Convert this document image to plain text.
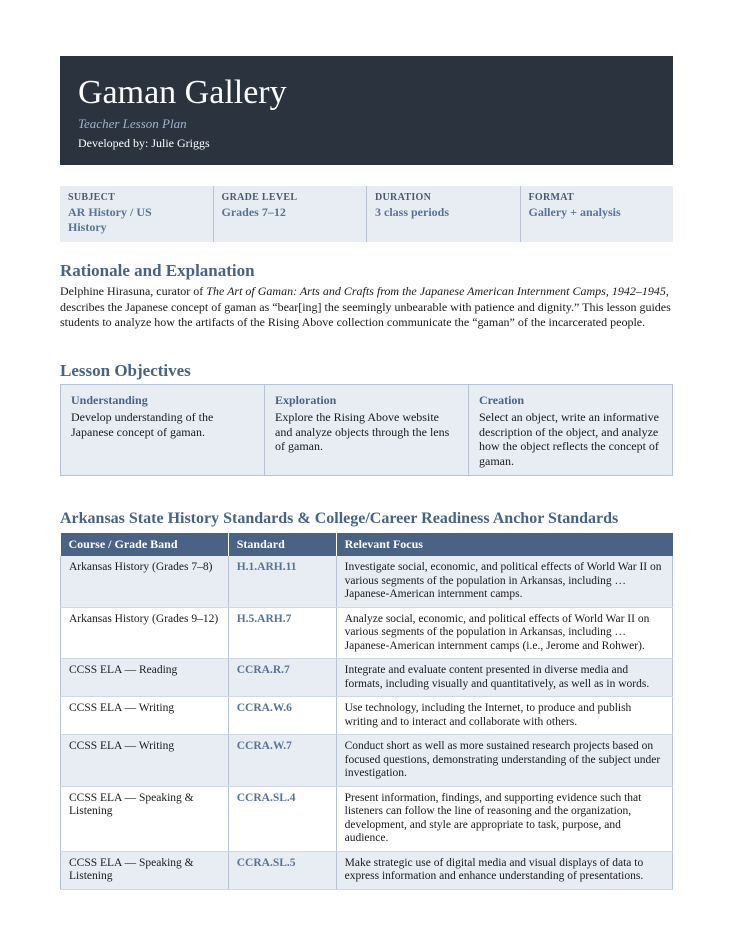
Gaman Gallery
Teacher Lesson Plan
Developed by: Julie Griggs
SUBJECT
AR History / US History
GRADE LEVEL
Grades 7–12
DURATION
3 class periods
FORMAT
Gallery + analysis
Rationale and Explanation

Delphine Hirasuna, curator of The Art of Gaman: Arts and Crafts from the Japanese American Internment Camps, 1942–1945, describes the Japanese concept of gaman as “bear[ing] the seemingly unbearable with patience and dignity.” This lesson guides students to analyze how the artifacts of the Rising Above collection communicate the “gaman” of the incarcerated people.

Lesson Objectives
Understanding
Develop understanding of the Japanese concept of gaman.
Exploration
Explore the Rising Above website and analyze objects through the lens of gaman.
Creation
Select an object, write an informative description of the object, and analyze how the object reflects the concept of gaman.
Arkansas State History Standards & College/Career Readiness Anchor Standards
Course / Grade Band	Standard	Relevant Focus
Arkansas History (Grades 7–8)	H.1.ARH.11	Investigate social, economic, and political effects of World War II on various segments of the population in Arkansas, including … Japanese-American internment camps.
Arkansas History (Grades 9–12)	H.5.ARH.7	Analyze social, economic, and political effects of World War II on various segments of the population in Arkansas, including … Japanese-American internment camps (i.e., Jerome and Rohwer).
CCSS ELA — Reading	CCRA.R.7	Integrate and evaluate content presented in diverse media and formats, including visually and quantitatively, as well as in words.
CCSS ELA — Writing	CCRA.W.6	Use technology, including the Internet, to produce and publish writing and to interact and collaborate with others.
CCSS ELA — Writing	CCRA.W.7	Conduct short as well as more sustained research projects based on focused questions, demonstrating understanding of the subject under investigation.
CCSS ELA — Speaking & Listening	CCRA.SL.4	Present information, findings, and supporting evidence such that listeners can follow the line of reasoning and the organization, development, and style are appropriate to task, purpose, and audience.
CCSS ELA — Speaking & Listening	CCRA.SL.5	Make strategic use of digital media and visual displays of data to express information and enhance understanding of presentations.
